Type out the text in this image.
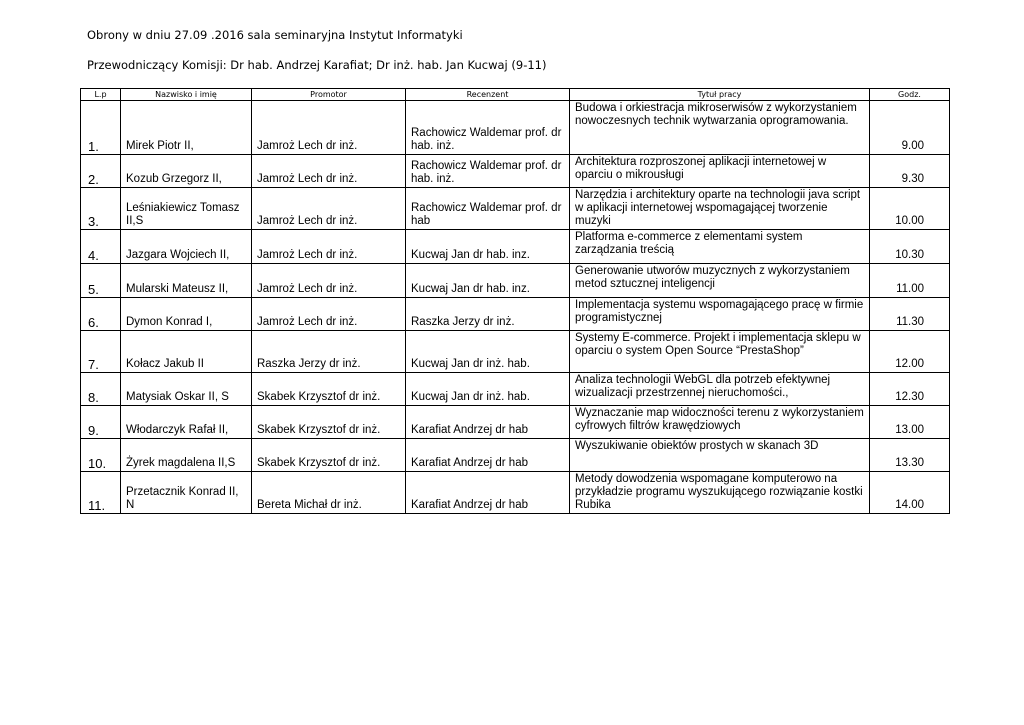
Obrony w dniu 27.09 .2016 sala seminaryjna Instytut Informatyki
Przewodniczący Komisji: Dr hab. Andrzej Karafiat; Dr inż. hab. Jan Kucwaj (9-11)
L.p	Nazwisko i imię	Promotor	Recenzent	Tytuł pracy	Godz.
1.	Mirek Piotr II,	Jamroż Lech dr inż.	Rachowicz Waldemar prof. dr hab. inż.	Budowa i orkiestracja mikroserwisów z wykorzystaniem nowoczesnych technik wytwarzania oprogramowania.	9.00
2.	Kozub Grzegorz II,	Jamroż Lech dr inż.	Rachowicz Waldemar prof. dr hab. inż.	Architektura rozproszonej aplikacji internetowej w oparciu o mikrousługi	9.30
3.	Leśniakiewicz Tomasz II,S	Jamroż Lech dr inż.	Rachowicz Waldemar prof. dr hab	Narzędzia i architektury oparte na technologii java script w aplikacji internetowej wspomagającej tworzenie muzyki	10.00
4.	Jazgara Wojciech II,	Jamroż Lech dr inż.	Kucwaj Jan dr hab. inz.	Platforma e-commerce z elementami system zarządzania treścią	10.30
5.	Mularski Mateusz II,	Jamroż Lech dr inż.	Kucwaj Jan dr hab. inz.	Generowanie utworów muzycznych z wykorzystaniem metod sztucznej inteligencji	11.00
6.	Dymon Konrad I,	Jamroż Lech dr inż.	Raszka Jerzy dr inż.	Implementacja systemu wspomagającego pracę w firmie programistycznej	11.30
7.	Kołacz Jakub II	Raszka Jerzy dr inż.	Kucwaj Jan dr inż. hab.	Systemy E-commerce. Projekt i implementacja sklepu w oparciu o system Open Source “PrestaShop”	12.00
8.	Matysiak Oskar II, S	Skabek Krzysztof dr inż.	Kucwaj Jan dr inż. hab.	Analiza technologii WebGL dla potrzeb efektywnej wizualizacji przestrzennej nieruchomości.,	12.30
9.	Włodarczyk Rafał II,	Skabek Krzysztof dr inż.	Karafiat Andrzej dr hab	Wyznaczanie map widoczności terenu z wykorzystaniem cyfrowych filtrów krawędziowych	13.00
10.	Żyrek magdalena II,S	Skabek Krzysztof dr inż.	Karafiat Andrzej dr hab	Wyszukiwanie obiektów prostych w skanach 3D	13.30
11.	Przetacznik Konrad II, N	Bereta Michał dr inż.	Karafiat Andrzej dr hab	Metody dowodzenia wspomagane komputerowo na przykładzie programu wyszukującego rozwiązanie kostki Rubika	14.00
